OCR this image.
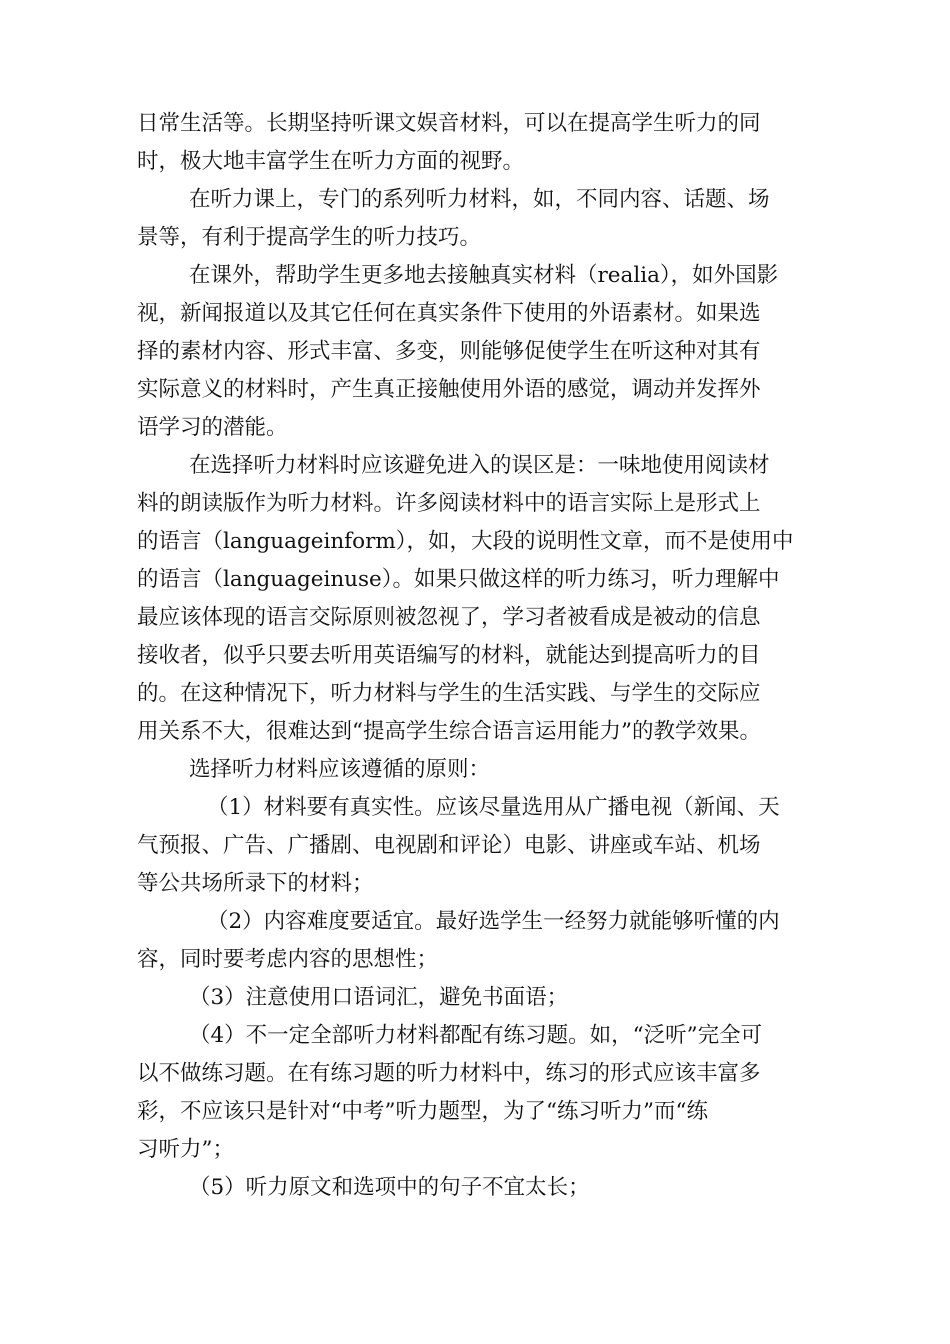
日常生活等。长期坚持听课文娱音材料，可以在提高学生听力的同
时，极大地丰富学生在听力方面的视野。
在听力课上，专门的系列听力材料，如，不同内容、话题、场
景等，有利于提高学生的听力技巧。
在课外，帮助学生更多地去接触真实材料（realia），如外国影
视，新闻报道以及其它任何在真实条件下使用的外语素材。如果选
择的素材内容、形式丰富、多变，则能够促使学生在听这种对其有
实际意义的材料时，产生真正接触使用外语的感觉，调动并发挥外
语学习的潜能。
在选择听力材料时应该避免进入的误区是：一味地使用阅读材
料的朗读版作为听力材料。许多阅读材料中的语言实际上是形式上
的语言（languageinform），如，大段的说明性文章，而不是使用中
的语言（languageinuse）。如果只做这样的听力练习，听力理解中
最应该体现的语言交际原则被忽视了，学习者被看成是被动的信息
接收者，似乎只要去听用英语编写的材料，就能达到提高听力的目
的。在这种情况下，听力材料与学生的生活实践、与学生的交际应
用关系不大，很难达到“提高学生综合语言运用能力”的教学效果。
选择听力材料应该遵循的原则：
（1）材料要有真实性。应该尽量选用从广播电视（新闻、天
气预报、广告、广播剧、电视剧和评论）电影、讲座或车站、机场
等公共场所录下的材料；
（2）内容难度要适宜。最好选学生一经努力就能够听懂的内
容，同时要考虑内容的思想性；
（3）注意使用口语词汇，避免书面语；
（4）不一定全部听力材料都配有练习题。如，“泛听”完全可
以不做练习题。在有练习题的听力材料中，练习的形式应该丰富多
彩，不应该只是针对“中考”听力题型，为了“练习听力”而“练
习听力”；
（5）听力原文和选项中的句子不宜太长；
